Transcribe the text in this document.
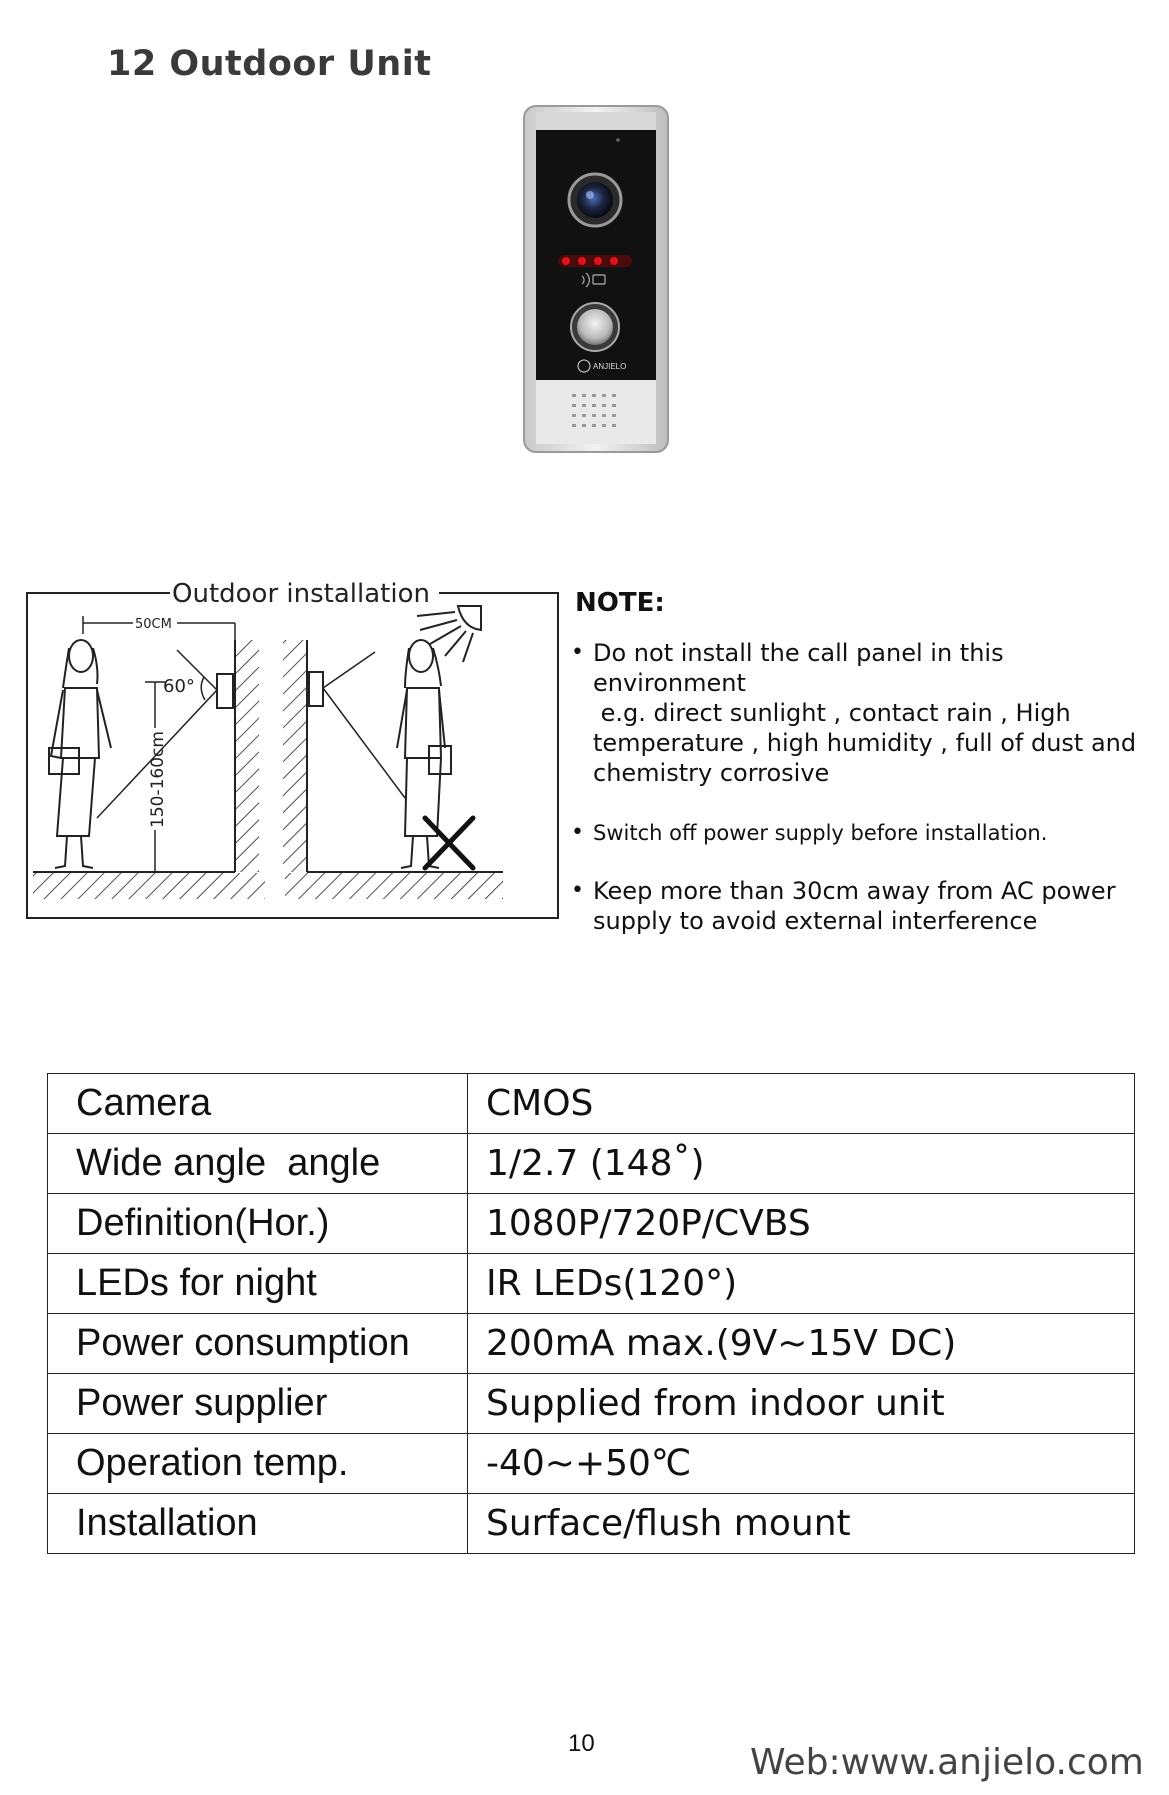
12 Outdoor Unit
ANJIELO
Outdoor installation
50CM
60°
150-160cm
NOTE:
• Do not install the call panel in this environment
e.g. direct sunlight , contact rain , High
temperature , high humidity , full of dust and
chemistry corrosive
• Switch off power supply before installation.
• Keep more than 30cm away from AC power
supply to avoid external interference
Camera	CMOS
Wide angle  angle	1/2.7 (148˚)
Definition(Hor.)	1080P/720P/CVBS
LEDs for night	IR LEDs(120°)
Power consumption	200mA max.(9V~15V DC)
Power supplier	Supplied from indoor unit
Operation temp.	-40~+50℃
Installation	Surface/flush mount
10	Web:www.anjielo.com
